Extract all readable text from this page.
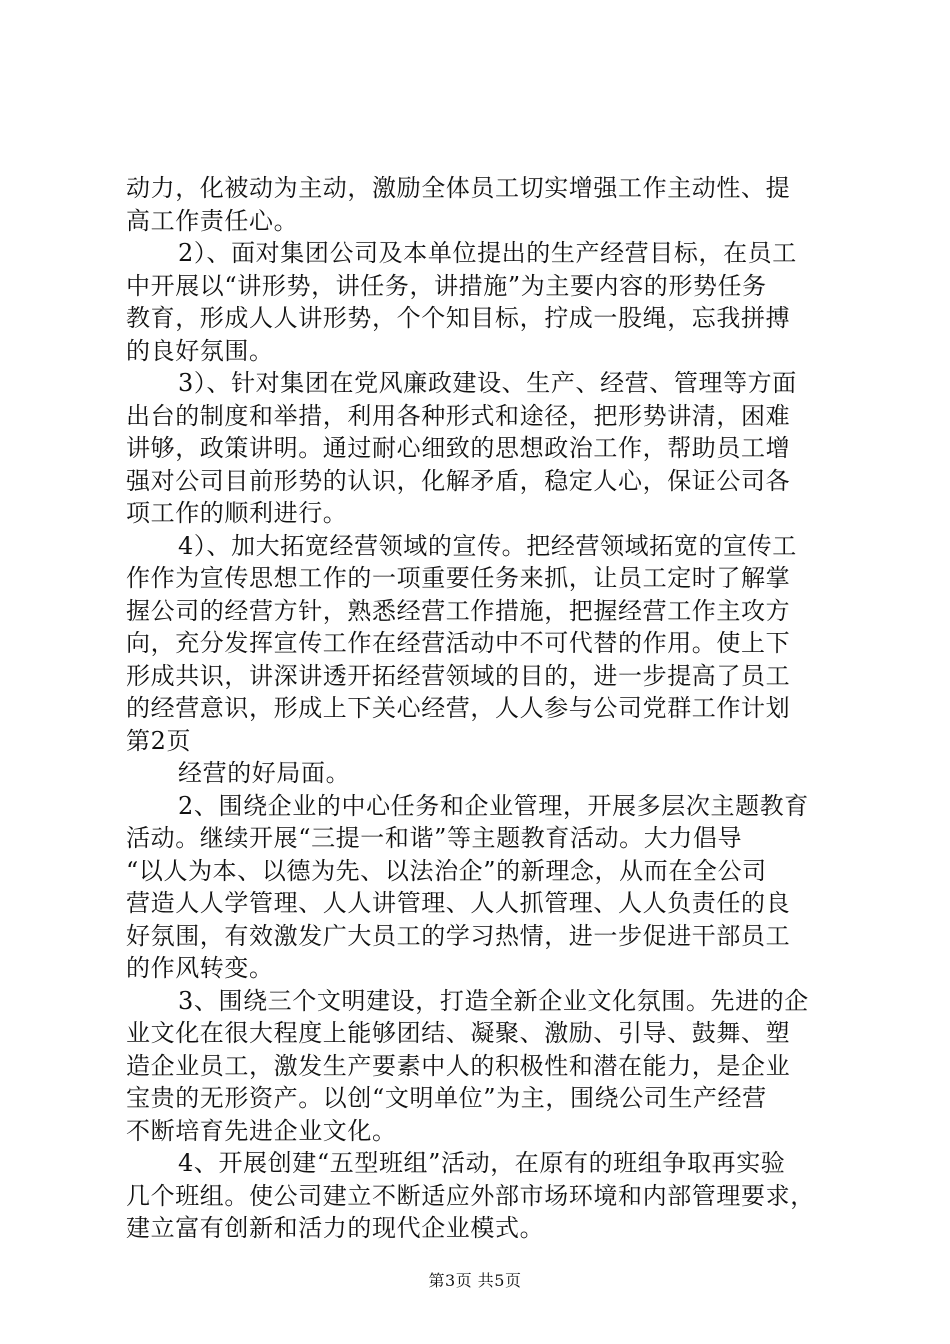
动力，化被动为主动，激励全体员工切实增强工作主动性、提
高工作责任心。
2）、面对集团公司及本单位提出的生产经营目标，在员工
中开展以“讲形势，讲任务，讲措施”为主要内容的形势任务
教育，形成人人讲形势，个个知目标，拧成一股绳，忘我拼搏
的良好氛围。
3）、针对集团在党风廉政建设、生产、经营、管理等方面
出台的制度和举措，利用各种形式和途径，把形势讲清，困难
讲够，政策讲明。通过耐心细致的思想政治工作，帮助员工增
强对公司目前形势的认识，化解矛盾，稳定人心，保证公司各
项工作的顺利进行。
4）、加大拓宽经营领域的宣传。把经营领域拓宽的宣传工
作作为宣传思想工作的一项重要任务来抓，让员工定时了解掌
握公司的经营方针，熟悉经营工作措施，把握经营工作主攻方
向，充分发挥宣传工作在经营活动中不可代替的作用。使上下
形成共识，讲深讲透开拓经营领域的目的，进一步提高了员工
的经营意识，形成上下关心经营，人人参与公司党群工作计划
第2页
经营的好局面。
2、围绕企业的中心任务和企业管理，开展多层次主题教育
活动。继续开展“三提一和谐”等主题教育活动。大力倡导
“以人为本、以德为先、以法治企”的新理念，从而在全公司
营造人人学管理、人人讲管理、人人抓管理、人人负责任的良
好氛围，有效激发广大员工的学习热情，进一步促进干部员工
的作风转变。
3、围绕三个文明建设，打造全新企业文化氛围。先进的企
业文化在很大程度上能够团结、凝聚、激励、引导、鼓舞、塑
造企业员工，激发生产要素中人的积极性和潜在能力，是企业
宝贵的无形资产。以创“文明单位”为主，围绕公司生产经营
不断培育先进企业文化。
4、开展创建“五型班组”活动，在原有的班组争取再实验
几个班组。使公司建立不断适应外部市场环境和内部管理要求，
建立富有创新和活力的现代企业模式。
第3页 共5页
